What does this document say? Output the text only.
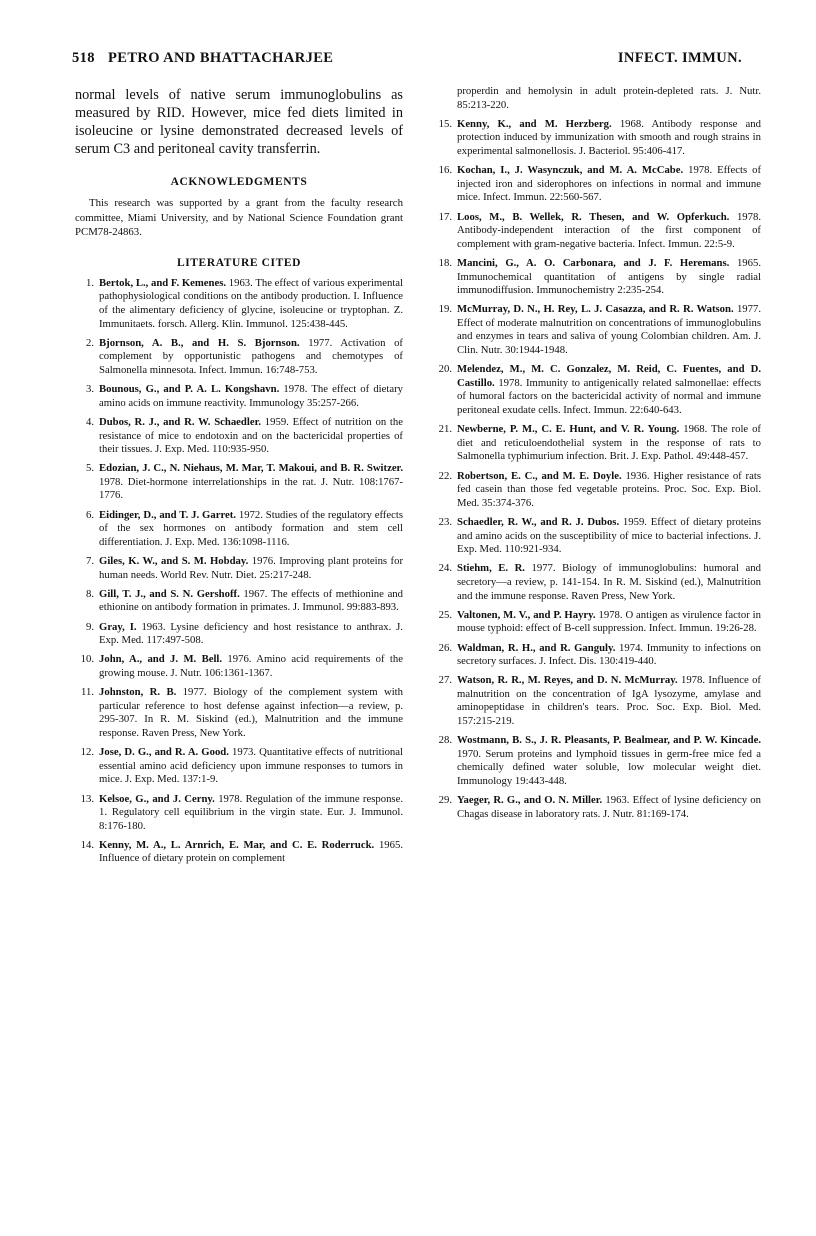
518 PETRO AND BHATTACHARJEE	INFECT. IMMUN.

normal levels of native serum immunoglobulins as measured by RID. However, mice fed diets limited in isoleucine or lysine demonstrated decreased levels of serum C3 and peritoneal cavity transferrin.

ACKNOWLEDGMENTS

This research was supported by a grant from the faculty research committee, Miami University, and by National Science Foundation grant PCM78-24863.

LITERATURE CITED

1. Bertok, L., and F. Kemenes. 1963. The effect of various experimental pathophysiological conditions on the antibody production. I. Influence of the alimentary deficiency of glycine, isoleucine or tryptophan. Z. Immunitaets. forsch. Allerg. Klin. Immunol. 125:438-445.

2. Bjornson, A. B., and H. S. Bjornson. 1977. Activation of complement by opportunistic pathogens and chemotypes of Salmonella minnesota. Infect. Immun. 16:748-753.

3. Bounous, G., and P. A. L. Kongshavn. 1978. The effect of dietary amino acids on immune reactivity. Immunology 35:257-266.

4. Dubos, R. J., and R. W. Schaedler. 1959. Effect of nutrition on the resistance of mice to endotoxin and on the bactericidal properties of their tissues. J. Exp. Med. 110:935-950.

5. Edozian, J. C., N. Niehaus, M. Mar, T. Makoui, and B. R. Switzer. 1978. Diet-hormone interrelationships in the rat. J. Nutr. 108:1767-1776.

6. Eidinger, D., and T. J. Garret. 1972. Studies of the regulatory effects of the sex hormones on antibody formation and stem cell differentiation. J. Exp. Med. 136:1098-1116.

7. Giles, K. W., and S. M. Hobday. 1976. Improving plant proteins for human needs. World Rev. Nutr. Diet. 25:217-248.

8. Gill, T. J., and S. N. Gershoff. 1967. The effects of methionine and ethionine on antibody formation in primates. J. Immunol. 99:883-893.

9. Gray, I. 1963. Lysine deficiency and host resistance to anthrax. J. Exp. Med. 117:497-508.

10. John, A., and J. M. Bell. 1976. Amino acid requirements of the growing mouse. J. Nutr. 106:1361-1367.

11. Johnston, R. B. 1977. Biology of the complement system with particular reference to host defense against infection—a review, p. 295-307. In R. M. Siskind (ed.), Malnutrition and the immune response. Raven Press, New York.

12. Jose, D. G., and R. A. Good. 1973. Quantitative effects of nutritional essential amino acid deficiency upon immune responses to tumors in mice. J. Exp. Med. 137:1-9.

13. Kelsoe, G., and J. Cerny. 1978. Regulation of the immune response. 1. Regulatory cell equilibrium in the virgin state. Eur. J. Immunol. 8:176-180.

14. Kenny, M. A., L. Arnrich, E. Mar, and C. E. Roderruck. 1965. Influence of dietary protein on complement

properdin and hemolysin in adult protein-depleted rats. J. Nutr. 85:213-220.

15. Kenny, K., and M. Herzberg. 1968. Antibody response and protection induced by immunization with smooth and rough strains in experimental salmonellosis. J. Bacteriol. 95:406-417.

16. Kochan, I., J. Wasynczuk, and M. A. McCabe. 1978. Effects of injected iron and siderophores on infections in normal and immune mice. Infect. Immun. 22:560-567.

17. Loos, M., B. Wellek, R. Thesen, and W. Opferkuch. 1978. Antibody-independent interaction of the first component of complement with gram-negative bacteria. Infect. Immun. 22:5-9.

18. Mancini, G., A. O. Carbonara, and J. F. Heremans. 1965. Immunochemical quantitation of antigens by single radial immunodiffusion. Immunochemistry 2:235-254.

19. McMurray, D. N., H. Rey, L. J. Casazza, and R. R. Watson. 1977. Effect of moderate malnutrition on concentrations of immunoglobulins and enzymes in tears and saliva of young Colombian children. Am. J. Clin. Nutr. 30:1944-1948.

20. Melendez, M., M. C. Gonzalez, M. Reid, C. Fuentes, and D. Castillo. 1978. Immunity to antigenically related salmonellae: effects of humoral factors on the bactericidal activity of normal and immune peritoneal exudate cells. Infect. Immun. 22:640-643.

21. Newberne, P. M., C. E. Hunt, and V. R. Young. 1968. The role of diet and reticuloendothelial system in the response of rats to Salmonella typhimurium infection. Brit. J. Exp. Pathol. 49:448-457.

22. Robertson, E. C., and M. E. Doyle. 1936. Higher resistance of rats fed casein than those fed vegetable proteins. Proc. Soc. Exp. Biol. Med. 35:374-376.

23. Schaedler, R. W., and R. J. Dubos. 1959. Effect of dietary proteins and amino acids on the susceptibility of mice to bacterial infections. J. Exp. Med. 110:921-934.

24. Stiehm, E. R. 1977. Biology of immunoglobulins: humoral and secretory—a review, p. 141-154. In R. M. Siskind (ed.), Malnutrition and the immune response. Raven Press, New York.

25. Valtonen, M. V., and P. Hayry. 1978. O antigen as virulence factor in mouse typhoid: effect of B-cell suppression. Infect. Immun. 19:26-28.

26. Waldman, R. H., and R. Ganguly. 1974. Immunity to infections on secretory surfaces. J. Infect. Dis. 130:419-440.

27. Watson, R. R., M. Reyes, and D. N. McMurray. 1978. Influence of malnutrition on the concentration of IgA lysozyme, amylase and aminopeptidase in children's tears. Proc. Soc. Exp. Biol. Med. 157:215-219.

28. Wostmann, B. S., J. R. Pleasants, P. Bealmear, and P. W. Kincade. 1970. Serum proteins and lymphoid tissues in germ-free mice fed a chemically defined water soluble, low molecular weight diet. Immunology 19:443-448.

29. Yaeger, R. G., and O. N. Miller. 1963. Effect of lysine deficiency on Chagas disease in laboratory rats. J. Nutr. 81:169-174.
